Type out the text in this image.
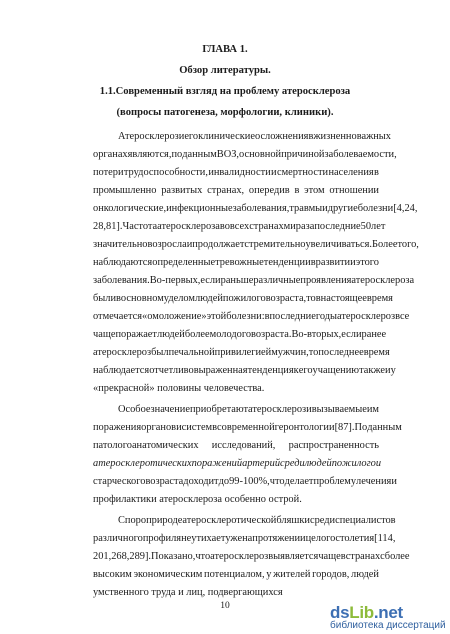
ГЛАВА 1.
Обзор литературы.
1.1.Современный взгляд на проблему атеросклероза
(вопросы патогенеза, морфологии, клиники).
Атеросклероз и его клинические осложнения в жизненно важных
органах являются, по данным ВОЗ, основной причиной заболеваемости,
потери трудоспособности, инвалидности и смертности населения в
промышленно развитых странах, опередив в этом отношении
онкологические, инфекционные заболевания, травмы и другие болезни [4, 24,
28, 81]. Частота атеросклероза во всех странах мира за последние 50 лет
значительно возросла и продолжает стремительно увеличиваться. Более того,
наблюдаются определенные тревожные тенденции в развитии этого
заболевания. Во-первых, если раньше различные проявления атеросклероза
были в основном уделом людей пожилого возраста, то в настоящее время
отмечается «омоложение» этой болезни: в последние годы атеросклероз все
чаще поражает людей более молодого возраста. Во-вторых, если ранее
атеросклероз был печальной привилегией мужчин, то последнее время
наблюдается отчетливо выраженная тенденция к его учащению также и у
«прекрасной» половины человечества.
Особое значение приобретают атеросклероз и вызываемые им
поражения органов и систем в современной геронтологии [87]. По данным
патологоанатомических исследований, распространенность
атеросклеротических поражений артерий среди людей пожилого и
старческого возраста доходит до 99-100%, что делает проблему лечения и
профилактики атеросклероза особенно острой.
Спор о природе атеросклеротической бляшки среди специалистов
различного профиля не утихает уже на протяжении целого столетия [114,
201, 268, 289]. Показано, что атеросклероз выявляется чаще в странах с более
высоким экономическим потенциалом, у жителей городов, людей
умственного труда и лиц, подвергающихся
10	dsLib.net
библиотека диссертаций
